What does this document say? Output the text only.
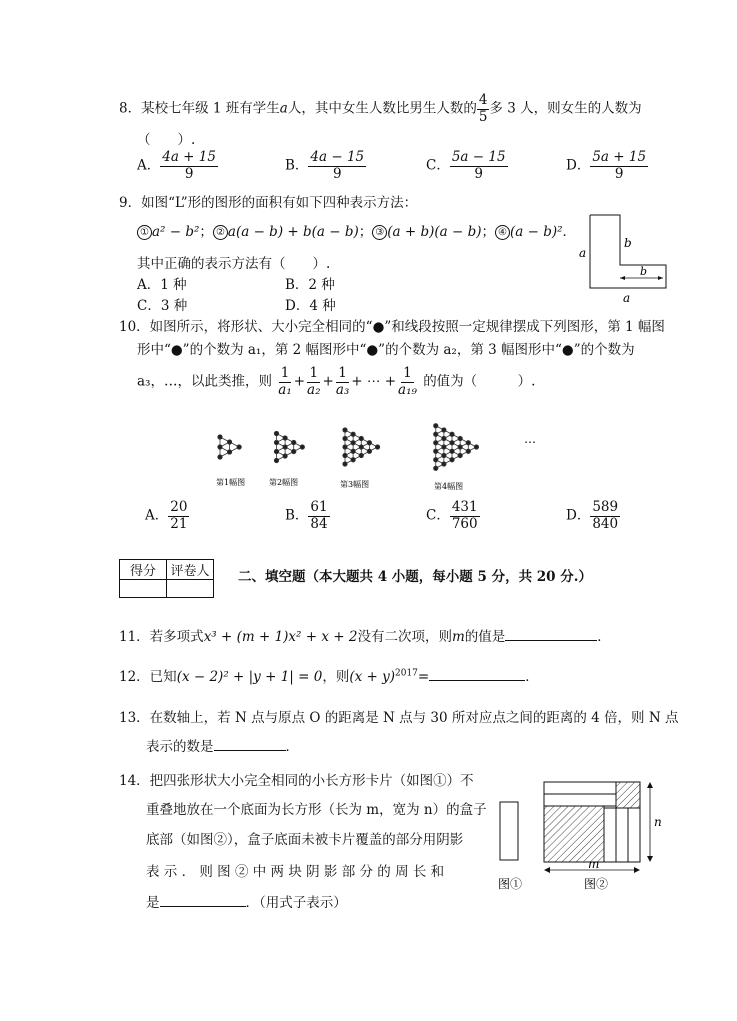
8．某校七年级 1 班有学生a人，其中女生人数比男生人数的 $\frac{4}{5}$ 多 3 人，则女生的人数为
（　　）.
A． $\frac{4a + 15}{9}$	B． $\frac{4a - 15}{9}$	C． $\frac{5a - 15}{9}$	D． $\frac{5a + 15}{9}$
9．如图“L”形的图形的面积有如下四种表示方法：
① a² − b²； ② a(a − b) + b(a − b)； ③ (a + b)(a − b)； ④ (a − b)²．
其中正确的表示方法有（　　）.
A．1 种	B．2 种
C．3 种	D．4 种
a
b
b
a
10．如图所示，将形状、大小完全相同的“●”和线段按照一定规律摆成下列图形，第 1 幅图
形中“●”的个数为 a₁，第 2 幅图形中“●”的个数为 a₂，第 3 幅图形中“●”的个数为
a₃，…，以此类推，则 $\frac{1}{\text{a₁}} + \frac{1}{\text{a₂}} + \frac{1}{\text{a₃}}$ + ⋯ + $\frac{1}{\text{a₁₉}}$ 的值为（　　　）.
第1幅图	第2幅图	第3幅图	第4幅图
…
A． $\frac{20}{21}$	B． $\frac{61}{84}$	C． $\frac{431}{760}$	D． $\frac{589}{840}$
得分	评卷人
	二、填空题（本大题共 4 小题，每小题 5 分，共 20 分.）
11．若多项式x³ + (m + 1)x² + x + 2没有二次项，则m的值是	．
12．已知(x − 2)² + |y + 1| = 0，则$(x + y)^{2017}=$	．
13．在数轴上，若 N 点与原点 O 的距离是 N 点与 30 所对应点之间的距离的 4 倍，则 N 点
表示的数是	．
14．把四张形状大小完全相同的小长方形卡片（如图①）不
重叠地放在一个底面为长方形（长为 m，宽为 n）的盒子
底部（如图②），盒子底面未被卡片覆盖的部分用阴影
表 示 ． 则 图 ② 中 两 块 阴 影 部 分 的 周 长 和
是	．（用式子表示）
图①
n
m
图②
